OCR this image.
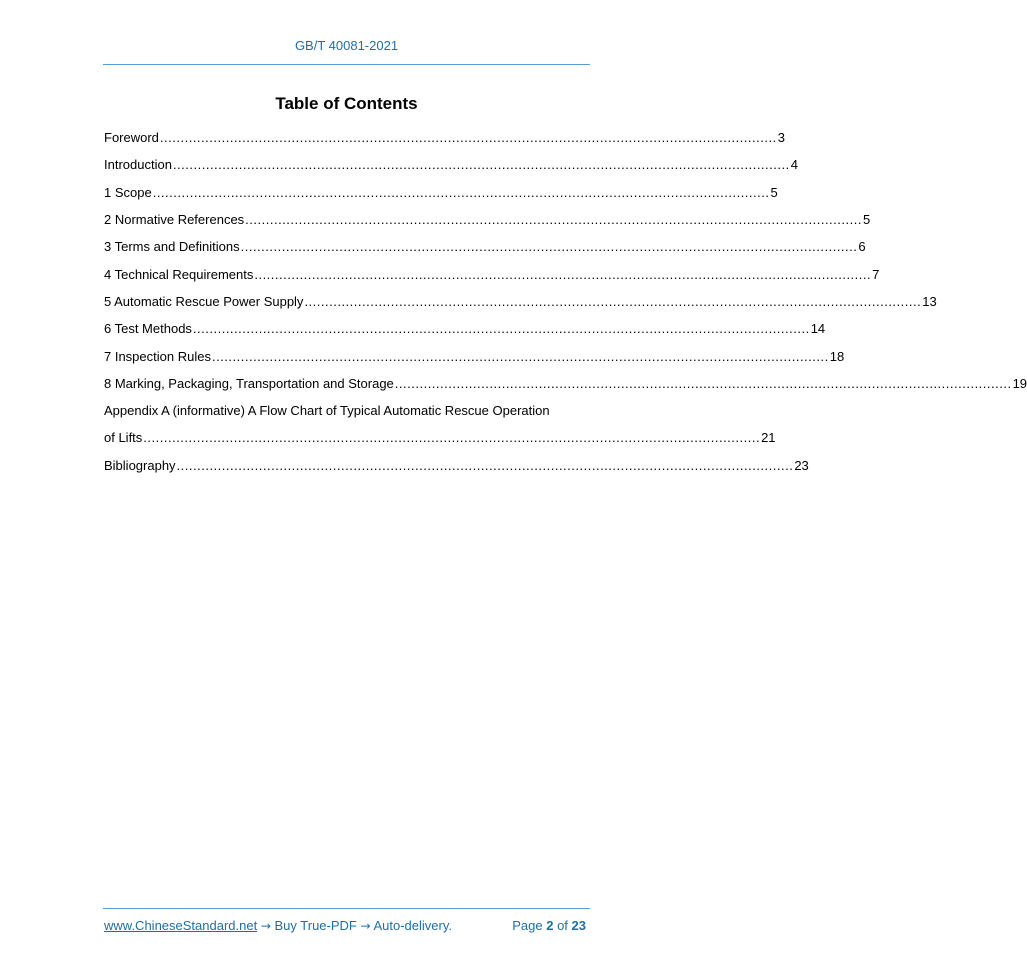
GB/T 40081-2021
Table of Contents
Foreword ...................................................................................................................................................... 3
Introduction ...................................................................................................................................................... 4
1 Scope ...................................................................................................................................................... 5
2 Normative References ...................................................................................................................................................... 5
3 Terms and Definitions ...................................................................................................................................................... 6
4 Technical Requirements ...................................................................................................................................................... 7
5 Automatic Rescue Power Supply ...................................................................................................................................................... 13
6 Test Methods ...................................................................................................................................................... 14
7 Inspection Rules ...................................................................................................................................................... 18
8 Marking, Packaging, Transportation and Storage ...................................................................................................................................................... 19
Appendix A (informative) A Flow Chart of Typical Automatic Rescue Operation
of Lifts ...................................................................................................................................................... 21
Bibliography ...................................................................................................................................................... 23
www.ChineseStandard.net → Buy True-PDF → Auto-delivery.	Page 2 of 23
